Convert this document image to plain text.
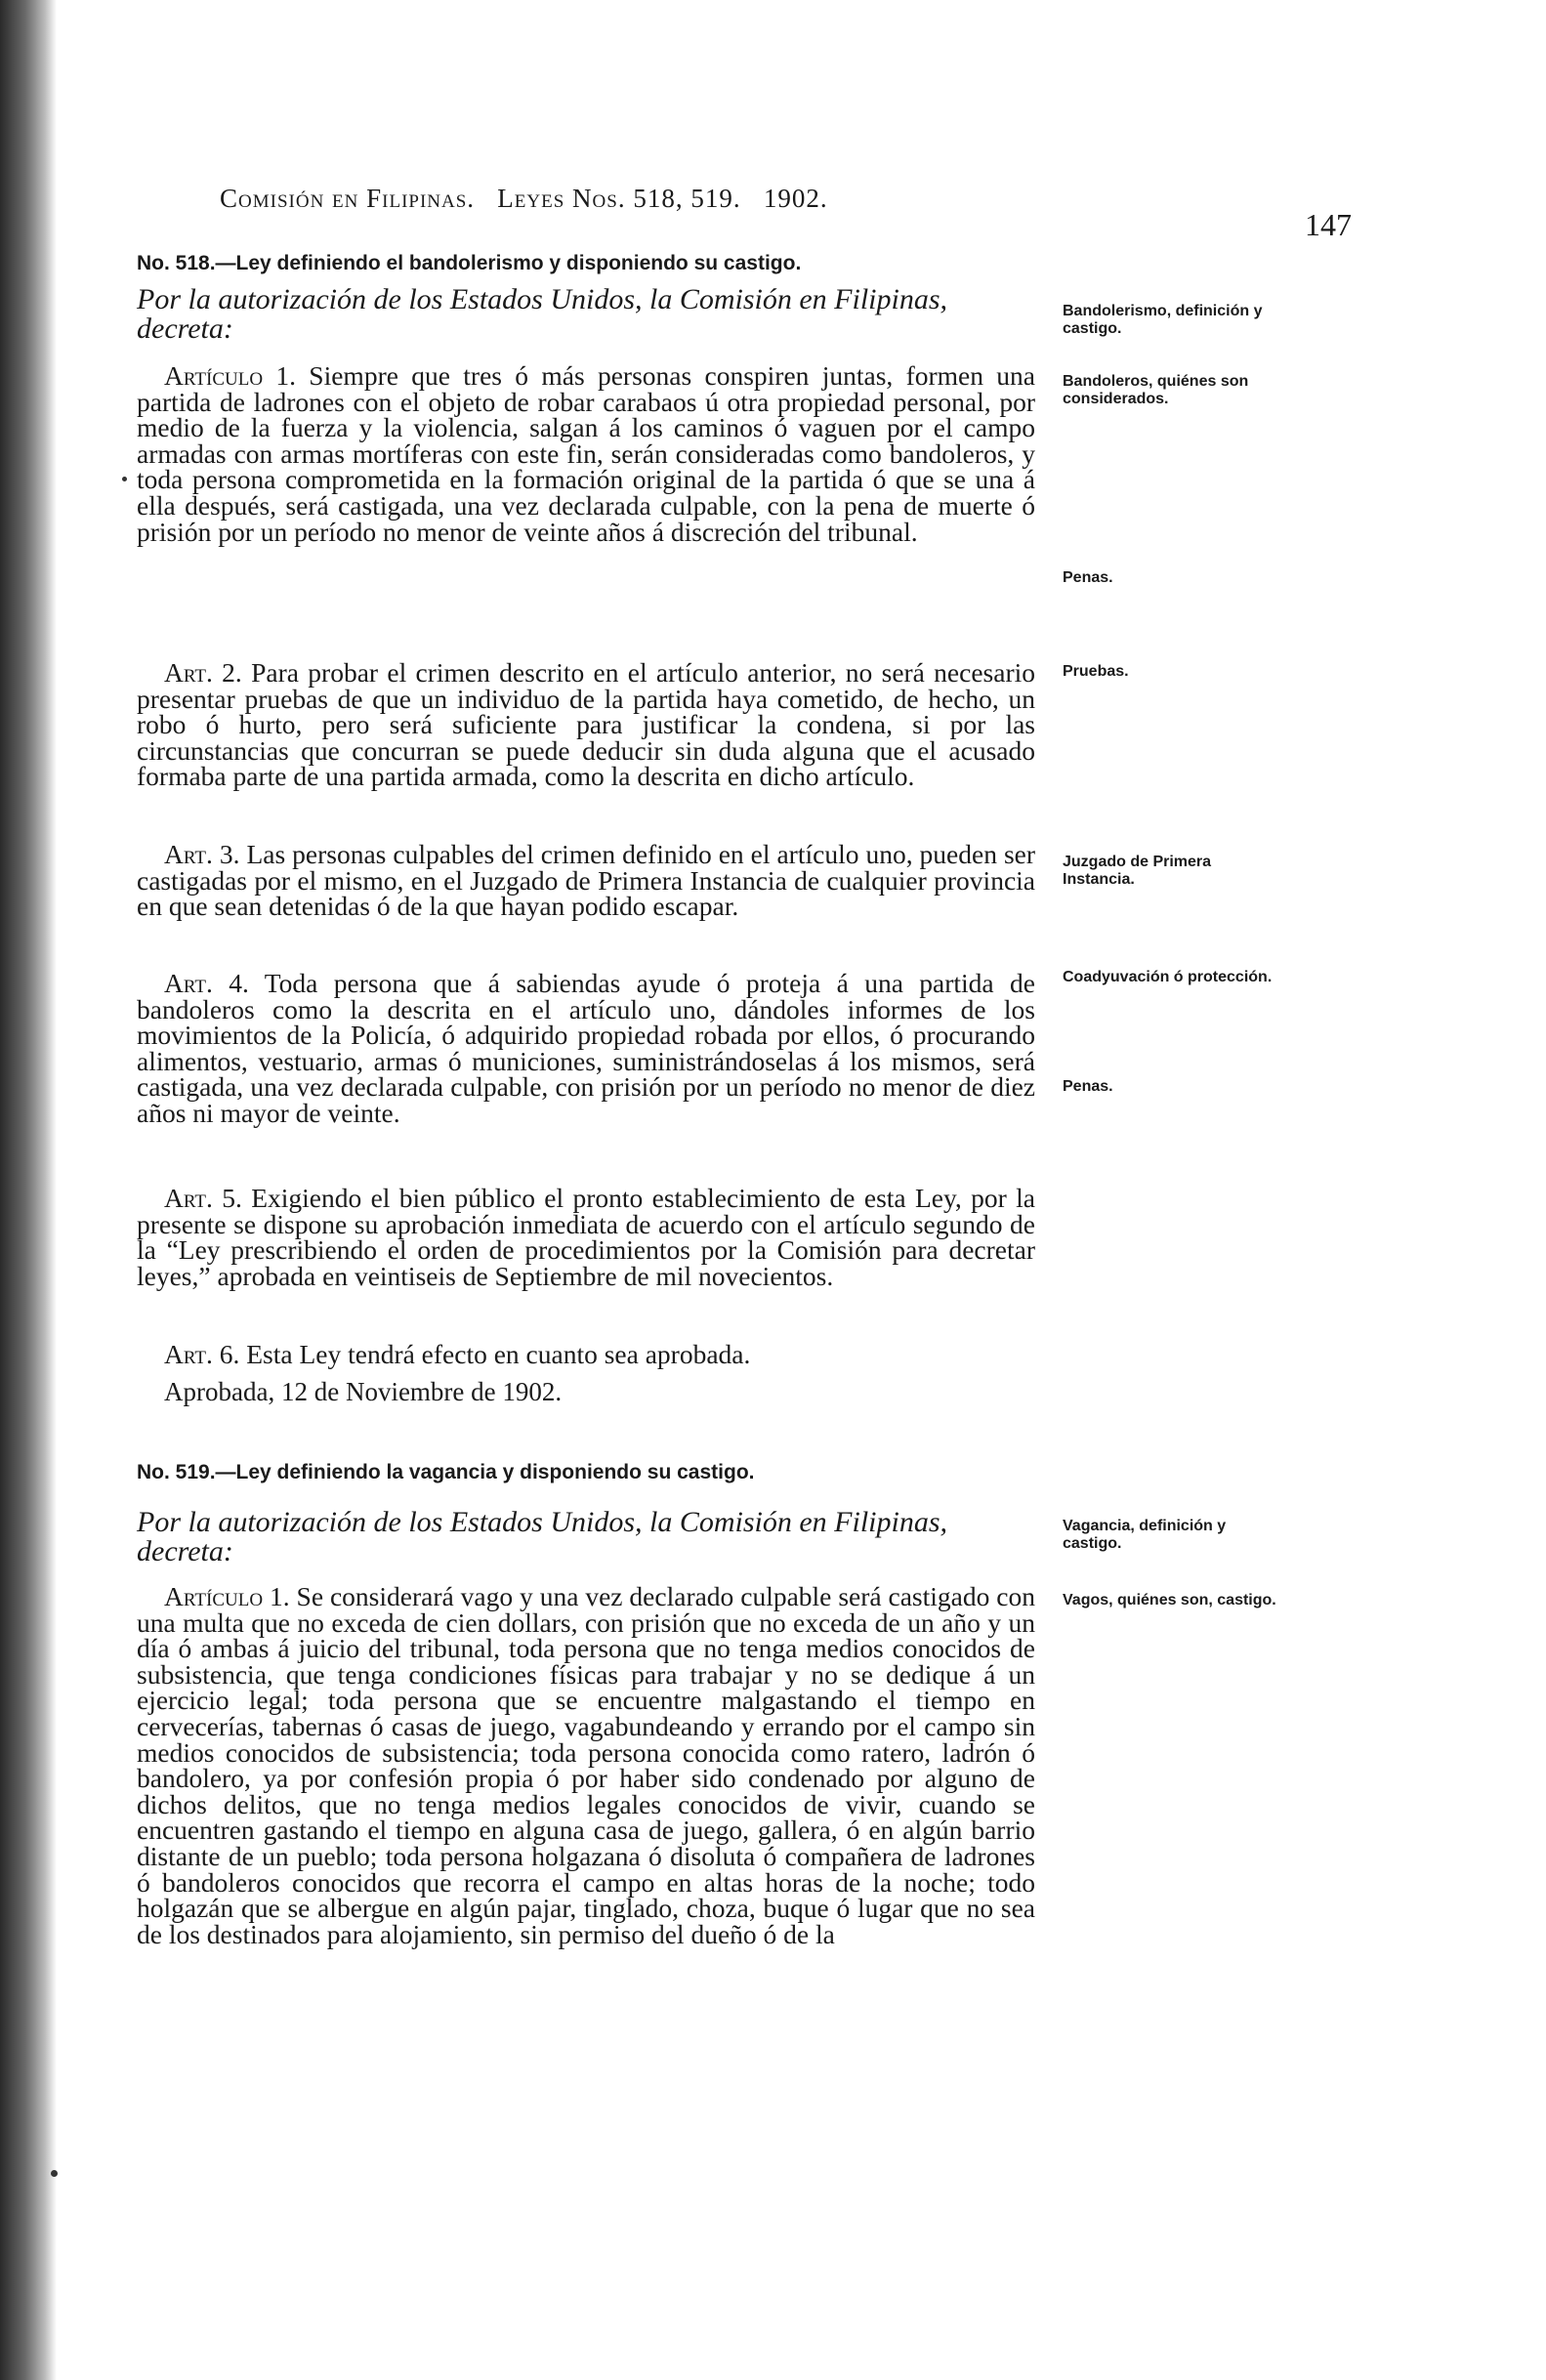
Comisión en Filipinas. Leyes Nos. 518, 519. 1902.
147

No. 518.—Ley definiendo el bandolerismo y disponiendo su castigo.

Por la autorización de los Estados Unidos, la Comisión en Filipinas, decreta:

Artículo 1. Siempre que tres ó más personas conspiren juntas, formen una partida de ladrones con el objeto de robar carabaos ú otra propiedad personal, por medio de la fuerza y la violencia, salgan á los caminos ó vaguen por el campo armadas con armas mortíferas con este fin, serán consideradas como bandoleros, y toda persona comprometida en la formación original de la partida ó que se una á ella después, será castigada, una vez declarada culpable, con la pena de muerte ó prisión por un período no menor de veinte años á discreción del tribunal.

Art. 2. Para probar el crimen descrito en el artículo anterior, no será necesario presentar pruebas de que un individuo de la partida haya cometido, de hecho, un robo ó hurto, pero será suficiente para justificar la condena, si por las circunstancias que concurran se puede deducir sin duda alguna que el acusado formaba parte de una partida armada, como la descrita en dicho artículo.

Art. 3. Las personas culpables del crimen definido en el artículo uno, pueden ser castigadas por el mismo, en el Juzgado de Primera Instancia de cualquier provincia en que sean detenidas ó de la que hayan podido escapar.

Art. 4. Toda persona que á sabiendas ayude ó proteja á una partida de bandoleros como la descrita en el artículo uno, dándoles informes de los movimientos de la Policía, ó adquirido propiedad robada por ellos, ó procurando alimentos, vestuario, armas ó municiones, suministrándoselas á los mismos, será castigada, una vez declarada culpable, con prisión por un período no menor de diez años ni mayor de veinte.

Art. 5. Exigiendo el bien público el pronto establecimiento de esta Ley, por la presente se dispone su aprobación inmediata de acuerdo con el artículo segundo de la “Ley prescribiendo el orden de procedimientos por la Comisión para decretar leyes,” aprobada en veintiseis de Septiembre de mil novecientos.

Art. 6. Esta Ley tendrá efecto en cuanto sea aprobada.

Aprobada, 12 de Noviembre de 1902.

Bandolerismo, definición y castigo.
Bandoleros, quiénes son considerados.
Penas.
Pruebas.
Juzgado de Primera Instancia.
Coadyuvación ó protección.
Penas.

No. 519.—Ley definiendo la vagancia y disponiendo su castigo.

Por la autorización de los Estados Unidos, la Comisión en Filipinas, decreta:

Artículo 1. Se considerará vago y una vez declarado culpable será castigado con una multa que no exceda de cien dollars, con prisión que no exceda de un año y un día ó ambas á juicio del tribunal, toda persona que no tenga medios conocidos de subsistencia, que tenga condiciones físicas para trabajar y no se dedique á un ejercicio legal; toda persona que se encuentre malgastando el tiempo en cervecerías, tabernas ó casas de juego, vagabundeando y errando por el campo sin medios conocidos de subsistencia; toda persona conocida como ratero, ladrón ó bandolero, ya por confesión propia ó por haber sido condenado por alguno de dichos delitos, que no tenga medios legales conocidos de vivir, cuando se encuentren gastando el tiempo en alguna casa de juego, gallera, ó en algún barrio distante de un pueblo; toda persona holgazana ó disoluta ó compañera de ladrones ó bandoleros conocidos que recorra el campo en altas horas de la noche; todo holgazán que se albergue en algún pajar, tinglado, choza, buque ó lugar que no sea de los destinados para alojamiento, sin permiso del dueño ó de la

Vagancia, definición y castigo.
Vagos, quiénes son, castigo.
